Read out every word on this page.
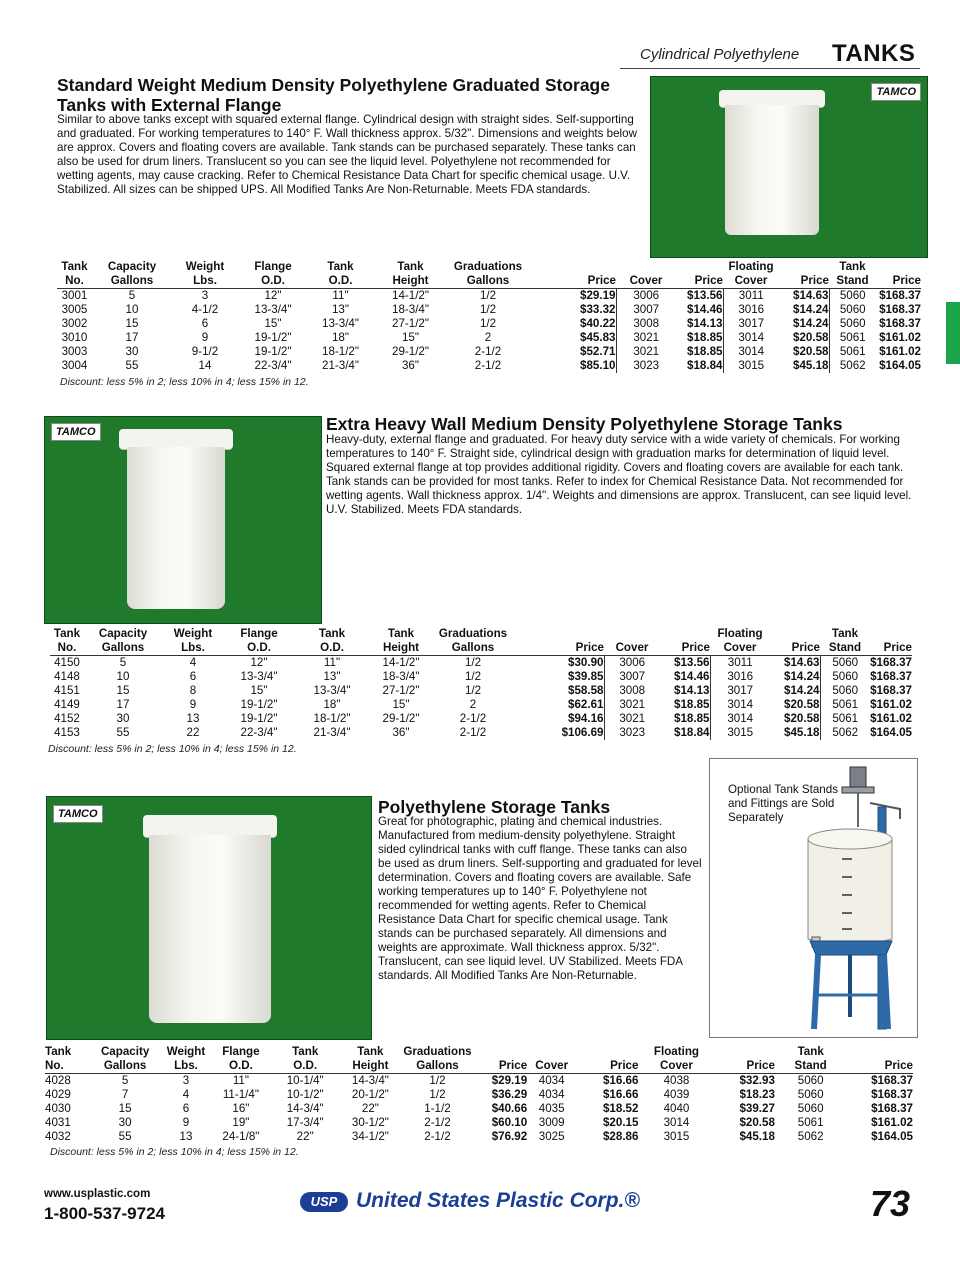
Cylindrical Polyethylene TANKS
Standard Weight Medium Density Polyethylene Graduated Storage
Tanks with External Flange
Similar to above tanks except with squared external flange. Cylindrical design with straight sides. Self-supporting and graduated. For working temperatures to 140° F. Wall thickness approx. 5/32". Dimensions and weights below are approx. Covers and floating covers are available. Tank stands can be purchased separately. These tanks can also be used for drum liners. Translucent so you can see the liquid level. Polyethylene not recommended for wetting agents, may cause cracking. Refer to Chemical Resistance Data Chart for specific chemical usage. U.V. Stabilized. All sizes can be shipped UPS. All Modified Tanks Are Non-Returnable. Meets FDA standards.
TAMCO
Tank	Capacity	Weight	Flange	Tank	Tank	Graduations				Floating		Tank	
No.	Gallons	Lbs.	O.D.	O.D.	Height	Gallons	Price	Cover	Price	Cover	Price	Stand	Price
3001	5	3	12"	11"	14-1/2"	1/2	$29.19	3006	$13.56	3011	$14.63	5060	$168.37
3005	10	4-1/2	13-3/4"	13"	18-3/4"	1/2	$33.32	3007	$14.46	3016	$14.24	5060	$168.37
3002	15	6	15"	13-3/4"	27-1/2"	1/2	$40.22	3008	$14.13	3017	$14.24	5060	$168.37
3010	17	9	19-1/2"	18"	15"	2	$45.83	3021	$18.85	3014	$20.58	5061	$161.02
3003	30	9-1/2	19-1/2"	18-1/2"	29-1/2"	2-1/2	$52.71	3021	$18.85	3014	$20.58	5061	$161.02
3004	55	14	22-3/4"	21-3/4"	36"	2-1/2	$85.10	3023	$18.84	3015	$45.18	5062	$164.05
Discount: less 5% in 2; less 10% in 4; less 15% in 12.
TAMCO	Extra Heavy Wall Medium Density Polyethylene Storage Tanks
Heavy-duty, external flange and graduated. For heavy duty service with a wide variety of chemicals. For working temperatures to 140° F. Straight side, cylindrical design with graduation marks for determination of liquid level. Squared external flange at top provides additional rigidity. Covers and floating covers are available for each tank. Tank stands can be provided for most tanks. Refer to index for Chemical Resistance Data. Not recommended for wetting agents. Wall thickness approx. 1/4". Weights and dimensions are approx. Translucent, can see liquid level. U.V. Stabilized. Meets FDA standards.
Tank	Capacity	Weight	Flange	Tank	Tank	Graduations				Floating		Tank	
No.	Gallons	Lbs.	O.D.	O.D.	Height	Gallons	Price	Cover	Price	Cover	Price	Stand	Price
4150	5	4	12"	11"	14-1/2"	1/2	$30.90	3006	$13.56	3011	$14.63	5060	$168.37
4148	10	6	13-3/4"	13"	18-3/4"	1/2	$39.85	3007	$14.46	3016	$14.24	5060	$168.37
4151	15	8	15"	13-3/4"	27-1/2"	1/2	$58.58	3008	$14.13	3017	$14.24	5060	$168.37
4149	17	9	19-1/2"	18"	15"	2	$62.61	3021	$18.85	3014	$20.58	5061	$161.02
4152	30	13	19-1/2"	18-1/2"	29-1/2"	2-1/2	$94.16	3021	$18.85	3014	$20.58	5061	$161.02
4153	55	22	22-3/4"	21-3/4"	36"	2-1/2	$106.69	3023	$18.84	3015	$45.18	5062	$164.05
Discount: less 5% in 2; less 10% in 4; less 15% in 12.
TAMCO	Polyethylene Storage Tanks
Great for photographic, plating and chemical industries. Manufactured from medium-density polyethylene. Straight sided cylindrical tanks with cuff flange. These tanks can also be used as drum liners. Self-supporting and graduated for level determination. Covers and floating covers are available. Safe working temperatures up to 140° F. Polyethylene not recommended for wetting agents. Refer to Chemical Resistance Data Chart for specific chemical usage. Tank stands can be purchased separately. All dimensions and weights are approximate. Wall thickness approx. 5/32". Translucent, can see liquid level. UV Stabilized. Meets FDA standards. All Modified Tanks Are Non-Returnable.
Optional Tank Stands and Fittings are Sold Separately
Tank	Capacity	Weight	Flange	Tank	Tank	Graduations				Floating		Tank	
No.	Gallons	Lbs.	O.D.	O.D.	Height	Gallons	Price	Cover	Price	Cover	Price	Stand	Price
4028	5	3	11"	10-1/4"	14-3/4"	1/2	$29.19	4034	$16.66	4038	$32.93	5060	$168.37
4029	7	4	11-1/4"	10-1/2"	20-1/2"	1/2	$36.29	4034	$16.66	4039	$18.23	5060	$168.37
4030	15	6	16"	14-3/4"	22"	1-1/2	$40.66	4035	$18.52	4040	$39.27	5060	$168.37
4031	30	9	19"	17-3/4"	30-1/2"	2-1/2	$60.10	3009	$20.15	3014	$20.58	5061	$161.02
4032	55	13	24-1/8"	22"	34-1/2"	2-1/2	$76.92	3025	$28.86	3015	$45.18	5062	$164.05
Discount: less 5% in 2; less 10% in 4; less 15% in 12.
www.usplastic.com
1-800-537-9724
USP United States Plastic Corp.®	73
